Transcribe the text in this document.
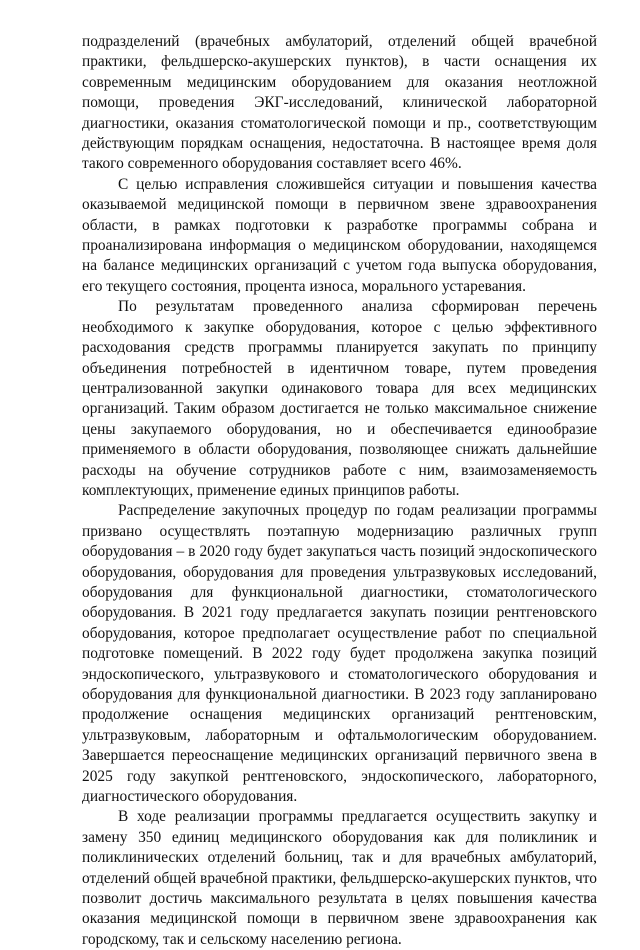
подразделений (врачебных амбулаторий, отделений общей врачебной практики, фельдшерско-акушерских пунктов), в части оснащения их современным медицинским оборудованием для оказания неотложной помощи, проведения ЭКГ-исследований, клинической лабораторной диагностики, оказания стоматологической помощи и пр., соответствующим действующим порядкам оснащения, недостаточна. В настоящее время доля такого современного оборудования составляет всего 46%.

С целью исправления сложившейся ситуации и повышения качества оказываемой медицинской помощи в первичном звене здравоохранения области, в рамках подготовки к разработке программы собрана и проанализирована информация о медицинском оборудовании, находящемся на балансе медицинских организаций с учетом года выпуска оборудования, его текущего состояния, процента износа, морального устаревания.

По результатам проведенного анализа сформирован перечень необходимого к закупке оборудования, которое с целью эффективного расходования средств программы планируется закупать по принципу объединения потребностей в идентичном товаре, путем проведения централизованной закупки одинакового товара для всех медицинских организаций. Таким образом достигается не только максимальное снижение цены закупаемого оборудования, но и обеспечивается единообразие применяемого в области оборудования, позволяющее снижать дальнейшие расходы на обучение сотрудников работе с ним, взаимозаменяемость комплектующих, применение единых принципов работы.

Распределение закупочных процедур по годам реализации программы призвано осуществлять поэтапную модернизацию различных групп оборудования – в 2020 году будет закупаться часть позиций эндоскопического оборудования, оборудования для проведения ультразвуковых исследований, оборудования для функциональной диагностики, стоматологического оборудования. В 2021 году предлагается закупать позиции рентгеновского оборудования, которое предполагает осуществление работ по специальной подготовке помещений. В 2022 году будет продолжена закупка позиций эндоскопического, ультразвукового и стоматологического оборудования и оборудования для функциональной диагностики. В 2023 году запланировано продолжение оснащения медицинских организаций рентгеновским, ультразвуковым, лабораторным и офтальмологическим оборудованием. Завершается переоснащение медицинских организаций первичного звена в 2025 году закупкой рентгеновского, эндоскопического, лабораторного, диагностического оборудования.

В ходе реализации программы предлагается осуществить закупку и замену 350 единиц медицинского оборудования как для поликлиник и поликлинических отделений больниц, так и для врачебных амбулаторий, отделений общей врачебной практики, фельдшерско-акушерских пунктов, что позволит достичь максимального результата в целях повышения качества оказания медицинской помощи в первичном звене здравоохранения как городскому, так и сельскому населению региона.
